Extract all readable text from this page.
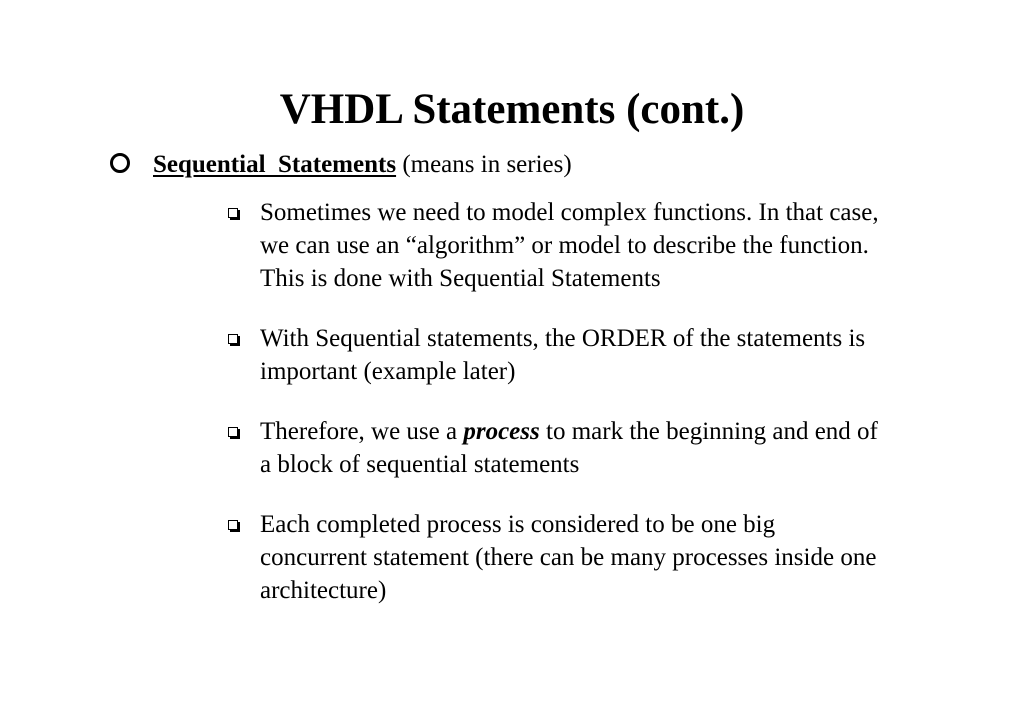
VHDL Statements (cont.)
Sequential  Statements (means in series)
Sometimes we need to model complex functions. In that case, we can use an “algorithm” or model to describe the function. This is done with Sequential Statements
With Sequential statements, the ORDER of the statements is important (example later)
Therefore, we use a process to mark the beginning and end of a block of sequential statements
Each completed process is considered to be one big concurrent statement (there can be many processes inside one architecture)
